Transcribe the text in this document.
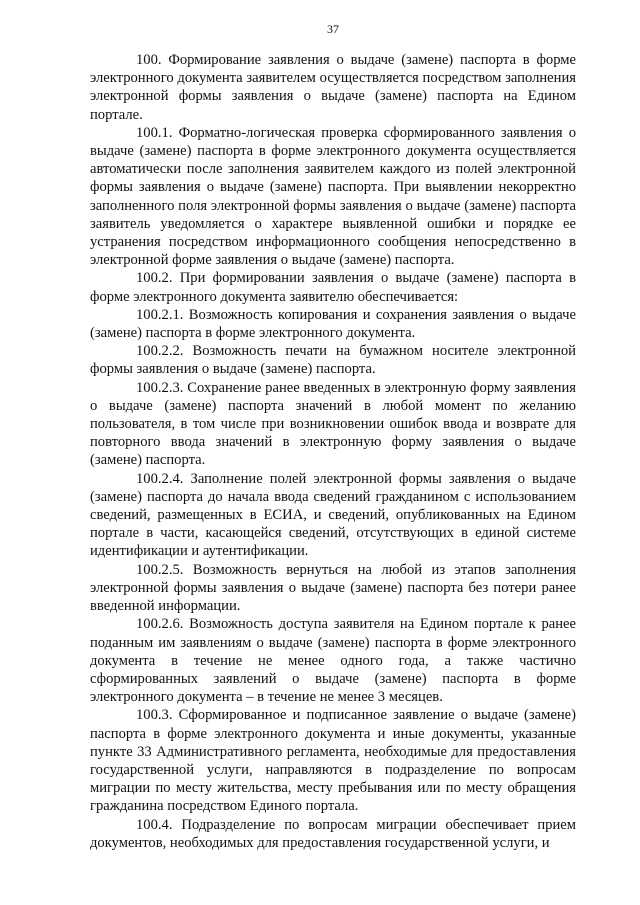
37

100. Формирование заявления о выдаче (замене) паспорта в форме электронного документа заявителем осуществляется посредством заполнения электронной формы заявления о выдаче (замене) паспорта на Едином портале.

100.1. Форматно-логическая проверка сформированного заявления о выдаче (замене) паспорта в форме электронного документа осуществляется автоматически после заполнения заявителем каждого из полей электронной формы заявления о выдаче (замене) паспорта. При выявлении некорректно заполненного поля электронной формы заявления о выдаче (замене) паспорта заявитель уведомляется о характере выявленной ошибки и порядке ее устранения посредством информационного сообщения непосредственно в электронной форме заявления о выдаче (замене) паспорта.

100.2. При формировании заявления о выдаче (замене) паспорта в форме электронного документа заявителю обеспечивается:

100.2.1. Возможность копирования и сохранения заявления о выдаче (замене) паспорта в форме электронного документа.

100.2.2. Возможность печати на бумажном носителе электронной формы заявления о выдаче (замене) паспорта.

100.2.3. Сохранение ранее введенных в электронную форму заявления о выдаче (замене) паспорта значений в любой момент по желанию пользователя, в том числе при возникновении ошибок ввода и возврате для повторного ввода значений в электронную форму заявления о выдаче (замене) паспорта.

100.2.4. Заполнение полей электронной формы заявления о выдаче (замене) паспорта до начала ввода сведений гражданином с использованием сведений, размещенных в ЕСИА, и сведений, опубликованных на Едином портале в части, касающейся сведений, отсутствующих в единой системе идентификации и аутентификации.

100.2.5. Возможность вернуться на любой из этапов заполнения электронной формы заявления о выдаче (замене) паспорта без потери ранее введенной информации.

100.2.6. Возможность доступа заявителя на Едином портале к ранее поданным им заявлениям о выдаче (замене) паспорта в форме электронного документа в течение не менее одного года, а также частично сформированных заявлений о выдаче (замене) паспорта в форме электронного документа – в течение не менее 3 месяцев.

100.3. Сформированное и подписанное заявление о выдаче (замене) паспорта в форме электронного документа и иные документы, указанные пункте 33 Административного регламента, необходимые для предоставления государственной услуги, направляются в подразделение по вопросам миграции по месту жительства, месту пребывания или по месту обращения гражданина посредством Единого портала.

100.4. Подразделение по вопросам миграции обеспечивает прием документов, необходимых для предоставления государственной услуги, и
